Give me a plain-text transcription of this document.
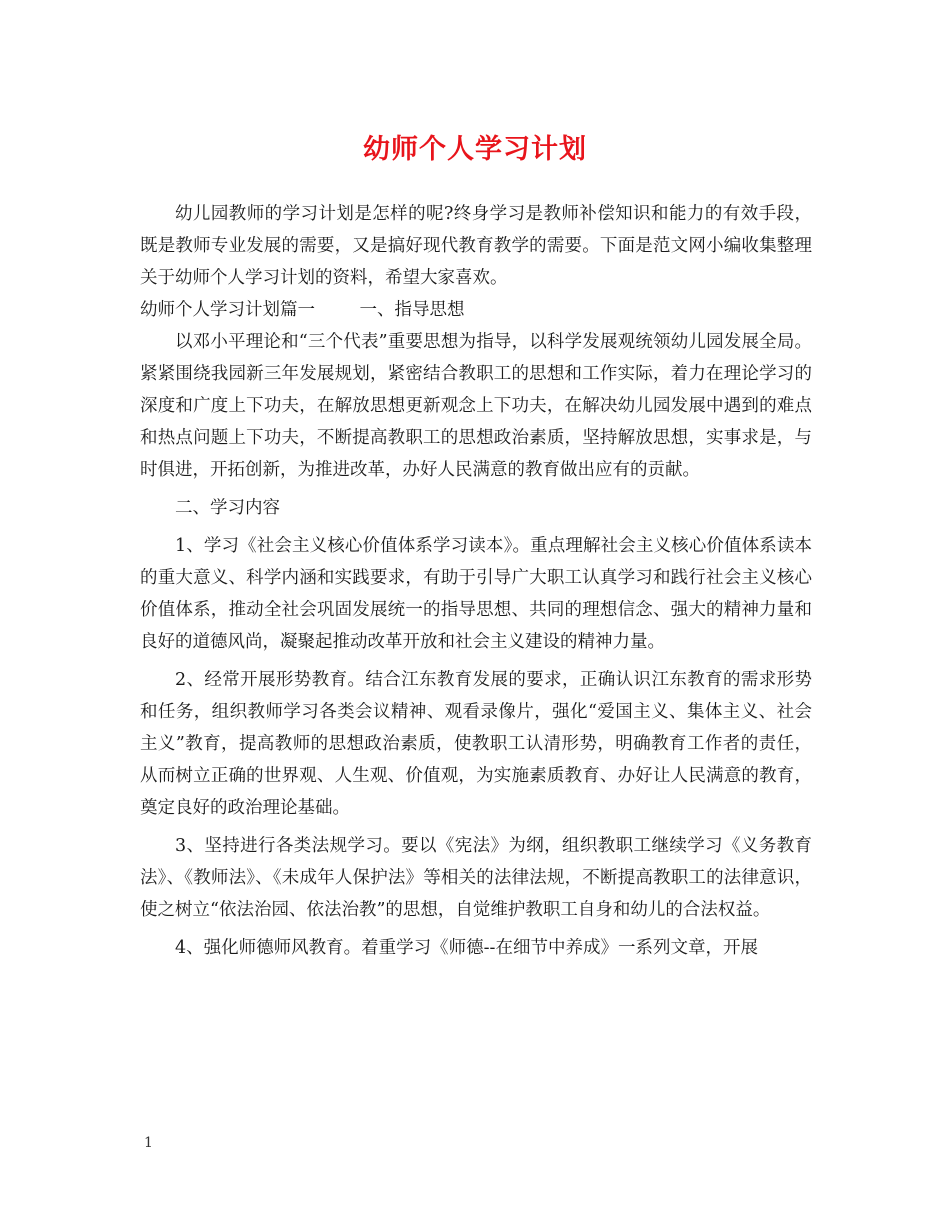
幼师个人学习计划

幼儿园教师的学习计划是怎样的呢?终身学习是教师补偿知识和能力的有效手段，既是教师专业发展的需要，又是搞好现代教育教学的需要。下面是范文网小编收集整理关于幼师个人学习计划的资料，希望大家喜欢。

幼师个人学习计划篇一        一、指导思想

以邓小平理论和“三个代表”重要思想为指导，以科学发展观统领幼儿园发展全局。紧紧围绕我园新三年发展规划，紧密结合教职工的思想和工作实际，着力在理论学习的深度和广度上下功夫，在解放思想更新观念上下功夫，在解决幼儿园发展中遇到的难点和热点问题上下功夫，不断提高教职工的思想政治素质，坚持解放思想，实事求是，与时俱进，开拓创新，为推进改革，办好人民满意的教育做出应有的贡献。

二、学习内容

1、学习《社会主义核心价值体系学习读本》。重点理解社会主义核心价值体系读本的重大意义、科学内涵和实践要求，有助于引导广大职工认真学习和践行社会主义核心价值体系，推动全社会巩固发展统一的指导思想、共同的理想信念、强大的精神力量和良好的道德风尚，凝聚起推动改革开放和社会主义建设的精神力量。

2、经常开展形势教育。结合江东教育发展的要求，正确认识江东教育的需求形势和任务，组织教师学习各类会议精神、观看录像片，强化“爱国主义、集体主义、社会主义”教育，提高教师的思想政治素质，使教职工认清形势，明确教育工作者的责任，从而树立正确的世界观、人生观、价值观，为实施素质教育、办好让人民满意的教育，奠定良好的政治理论基础。

3、坚持进行各类法规学习。要以《宪法》为纲，组织教职工继续学习《义务教育法》、《教师法》、《未成年人保护法》等相关的法律法规，不断提高教职工的法律意识，使之树立“依法治园、依法治教”的思想，自觉维护教职工自身和幼儿的合法权益。

4、强化师德师风教育。着重学习《师德--在细节中养成》一系列文章，开展

1
